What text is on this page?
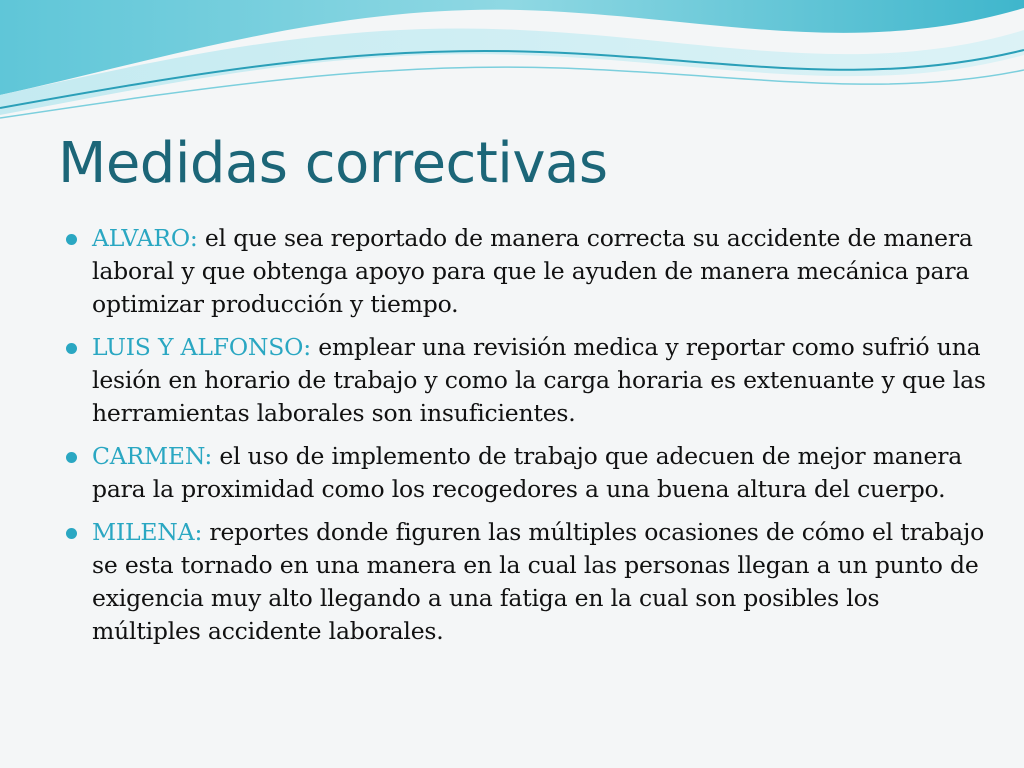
Medidas correctivas
ALVARO: el que sea reportado de manera correcta su accidente de manera laboral y que obtenga apoyo para que le ayuden de manera mecánica para optimizar producción y tiempo.
LUIS Y ALFONSO: emplear una revisión medica y reportar como sufrió una lesión en horario de trabajo y como la carga horaria es extenuante y que las herramientas laborales son insuficientes.
CARMEN: el uso de implemento de trabajo que adecuen de mejor manera para la proximidad como los recogedores a una buena altura del cuerpo.
MILENA: reportes donde figuren las múltiples ocasiones de cómo el trabajo se esta tornado en una manera en la cual las personas llegan a un punto de exigencia muy alto llegando a una fatiga en la cual son posibles los múltiples accidente laborales.
